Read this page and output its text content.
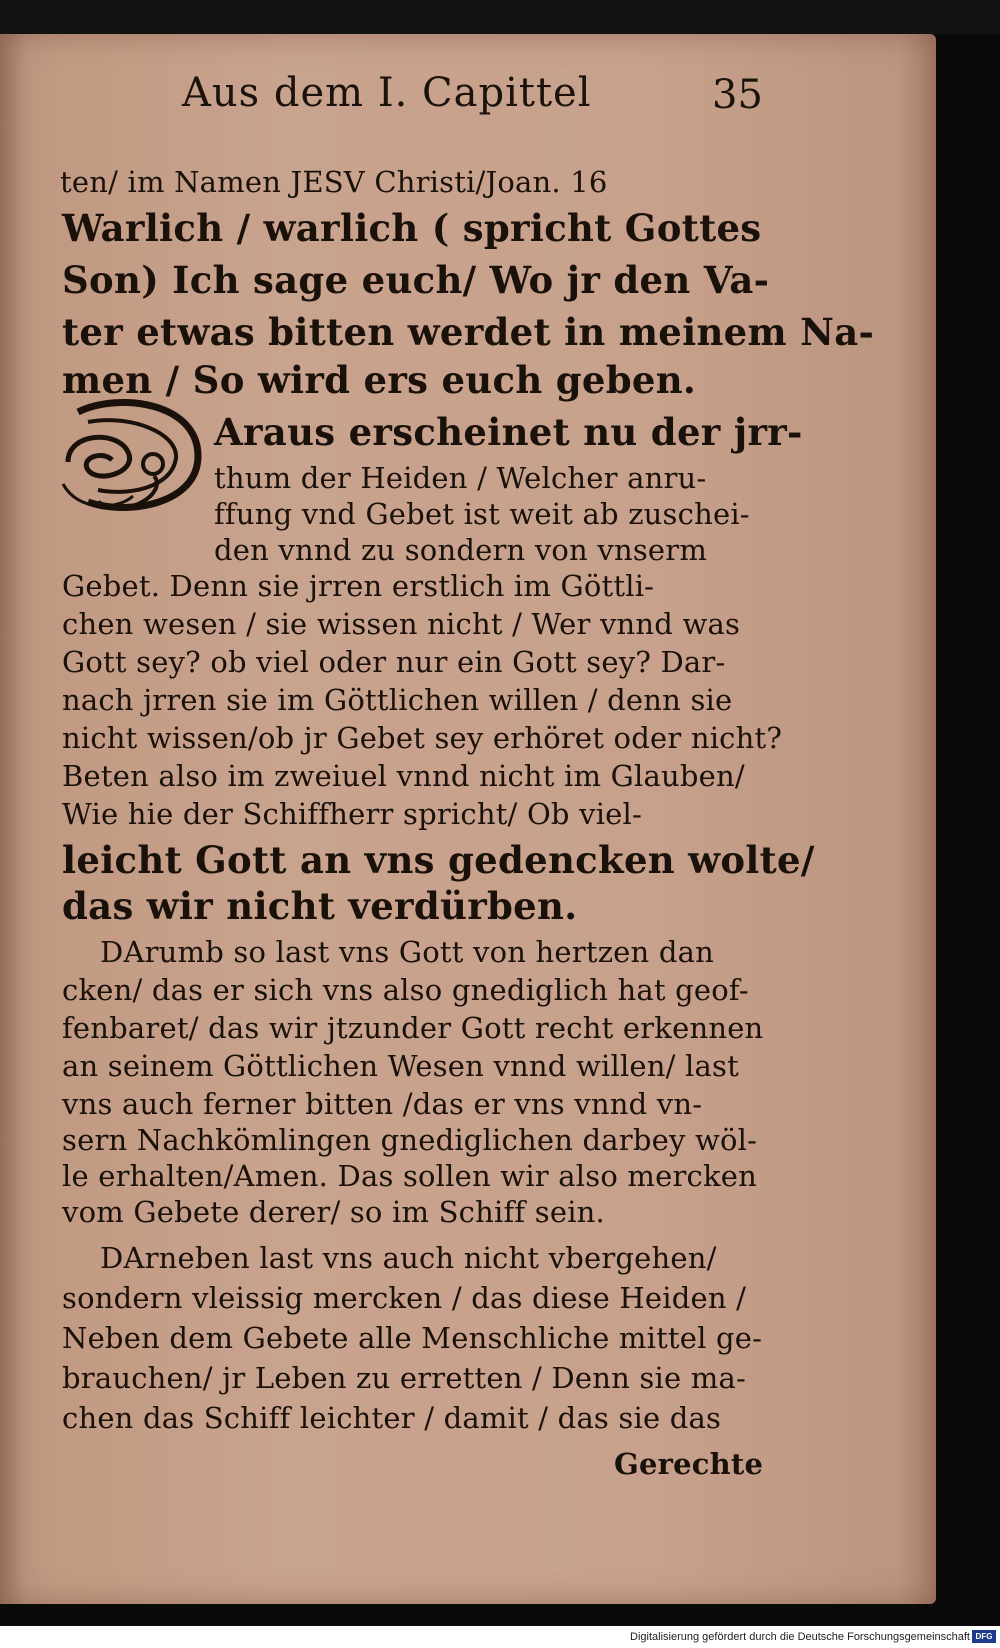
Aus dem I. Capittel	35
ten/ im Namen JESV Christi/Joan. 16
Warlich / warlich ( spricht Gottes
Son) Ich sage euch/ Wo jr den Va-
ter etwas bitten werdet in meinem Na-
men / So wird ers euch geben.
Araus erscheinet nu der jrr-
thum der Heiden / Welcher anru-
ffung vnd Gebet ist weit ab zuschei-
den vnnd zu sondern von vnserm
Gebet. Denn sie jrren erstlich im Göttli-
chen wesen / sie wissen nicht / Wer vnnd was
Gott sey? ob viel oder nur ein Gott sey? Dar-
nach jrren sie im Göttlichen willen / denn sie
nicht wissen/ob jr Gebet sey erhöret oder nicht?
Beten also im zweiuel vnnd nicht im Glauben/
Wie hie der Schiffherr spricht/ Ob viel-
leicht Gott an vns gedencken wolte/
das wir nicht verdürben.
DArumb so last vns Gott von hertzen dan
cken/ das er sich vns also gnediglich hat geof-
fenbaret/ das wir jtzunder Gott recht erkennen
an seinem Göttlichen Wesen vnnd willen/ last
vns auch ferner bitten /das er vns vnnd vn-
sern Nachkömlingen gnediglichen darbey wöl-
le erhalten/Amen. Das sollen wir also mercken
vom Gebete derer/ so im Schiff sein.
DArneben last vns auch nicht vbergehen/
sondern vleissig mercken / das diese Heiden /
Neben dem Gebete alle Menschliche mittel ge-
brauchen/ jr Leben zu erretten / Denn sie ma-
chen das Schiff leichter / damit / das sie das
Gerechte
Digitalisierung gefördert durch die Deutsche Forschungsgemeinschaft DFG
